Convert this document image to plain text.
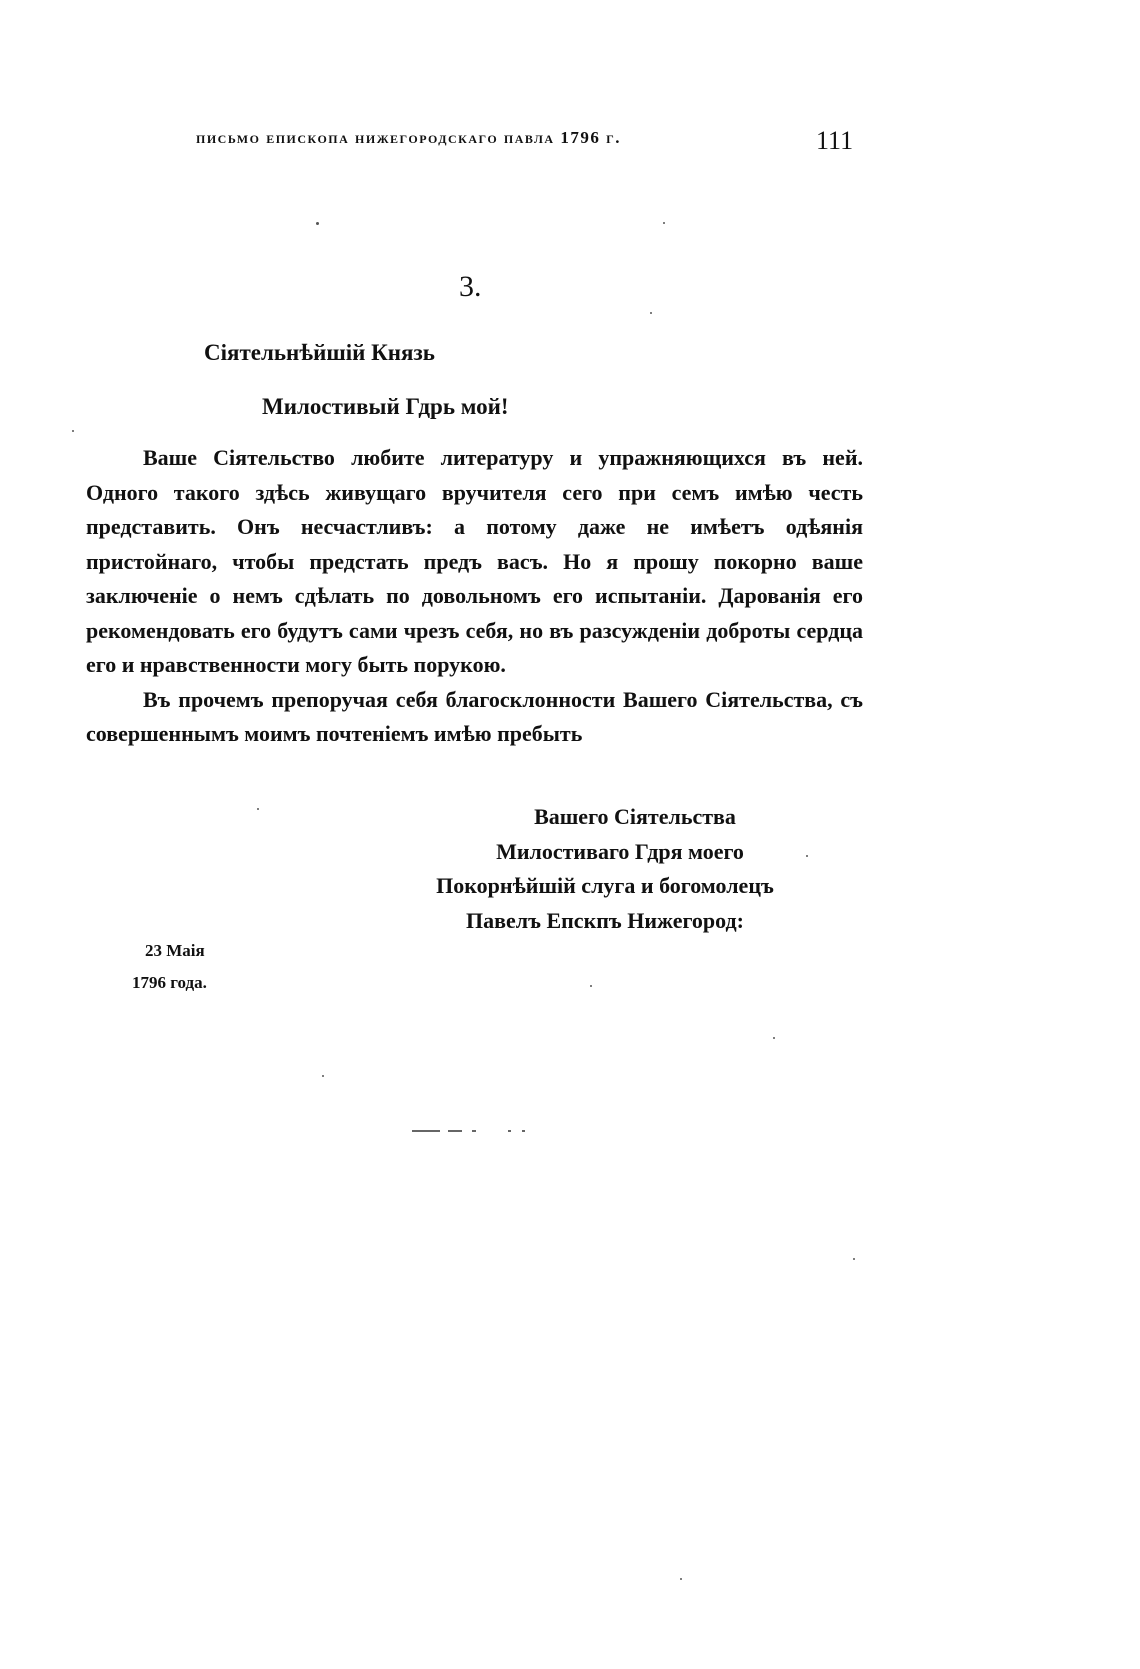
письмо епископа нижегородскаго павла 1796 г.	111
3.
Сіятельнѣйшій Князь
Милостивый Гдрь мой!

Ваше Сіятельство любите литературу и упражняющихся въ ней. Одного такого здѣсь живущаго вручителя сего при семъ имѣю честь представить. Онъ несчастливъ: а потому даже не имѣетъ одѣянія пристойнаго, чтобы предстать предъ васъ. Но я прошу покорно ваше заключеніе о немъ сдѣлать по довольномъ его испытаніи. Дарованія его рекомендовать его будутъ сами чрезъ себя, но въ разсужденіи доброты сердца его и нравственности могу быть порукою.

Въ прочемъ препоручая себя благосклонности Вашего Сіятельства, съ совершеннымъ моимъ почтеніемъ имѣю пребыть

Вашего Сіятельства
Милостиваго Гдря моего
Покорнѣйшій слуга и богомолецъ
Павелъ Епскпъ Нижегород:
23 Маія
1796 года.
